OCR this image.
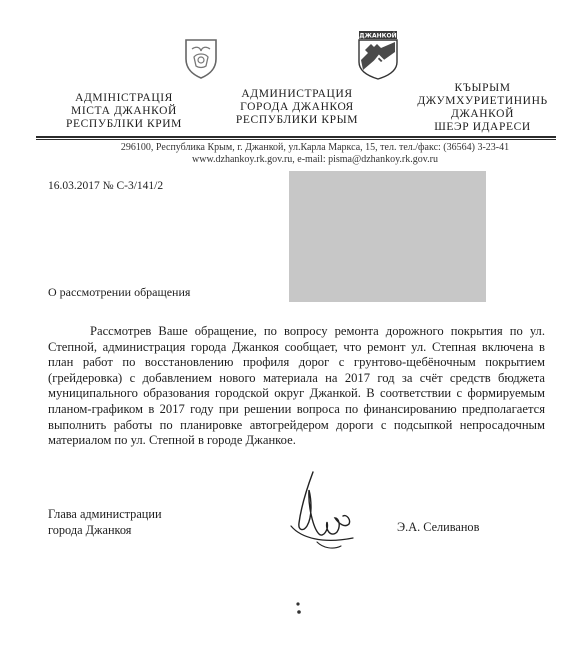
ДЖАНКОЙ
АДМІНІСТРАЦІЯ
МІСТА ДЖАНКОЙ
РЕСПУБЛІКИ КРИМ
АДМИНИСТРАЦИЯ
ГОРОДА ДЖАНКОЯ
РЕСПУБЛИКИ КРЫМ
КЪЫРЫМ
ДЖУМХУРИЕТИНИНЬ
ДЖАНКОЙ
ШЕЭР ИДАРЕСИ
296100, Республика Крым, г. Джанкой, ул.Карла Маркса, 15, тел. тел./факс: (36564) 3-23-41
www.dzhankoy.rk.gov.ru, e-mail: pisma@dzhankoy.rk.gov.ru
16.03.2017 № С-3/141/2
О рассмотрении обращения
Рассмотрев Ваше обращение, по вопросу ремонта дорожного покрытия по ул. Степной, администрация города Джанкоя сообщает, что ремонт ул. Степная включена в план работ по восстановлению профиля дорог с грунтово-щебёночным покрытием (грейдеровка) с добавлением нового материала на 2017 год за счёт средств бюджета муниципального образования городской округ Джанкой. В соответствии с формируемым планом-графиком в 2017 году при решении вопроса по финансированию предполагается выполнить работы по планировке автогрейдером дороги с подсыпкой непросадочным материалом по ул. Степной в городе Джанкое.
Глава администрации
города Джанкоя	Э.А. Селиванов
